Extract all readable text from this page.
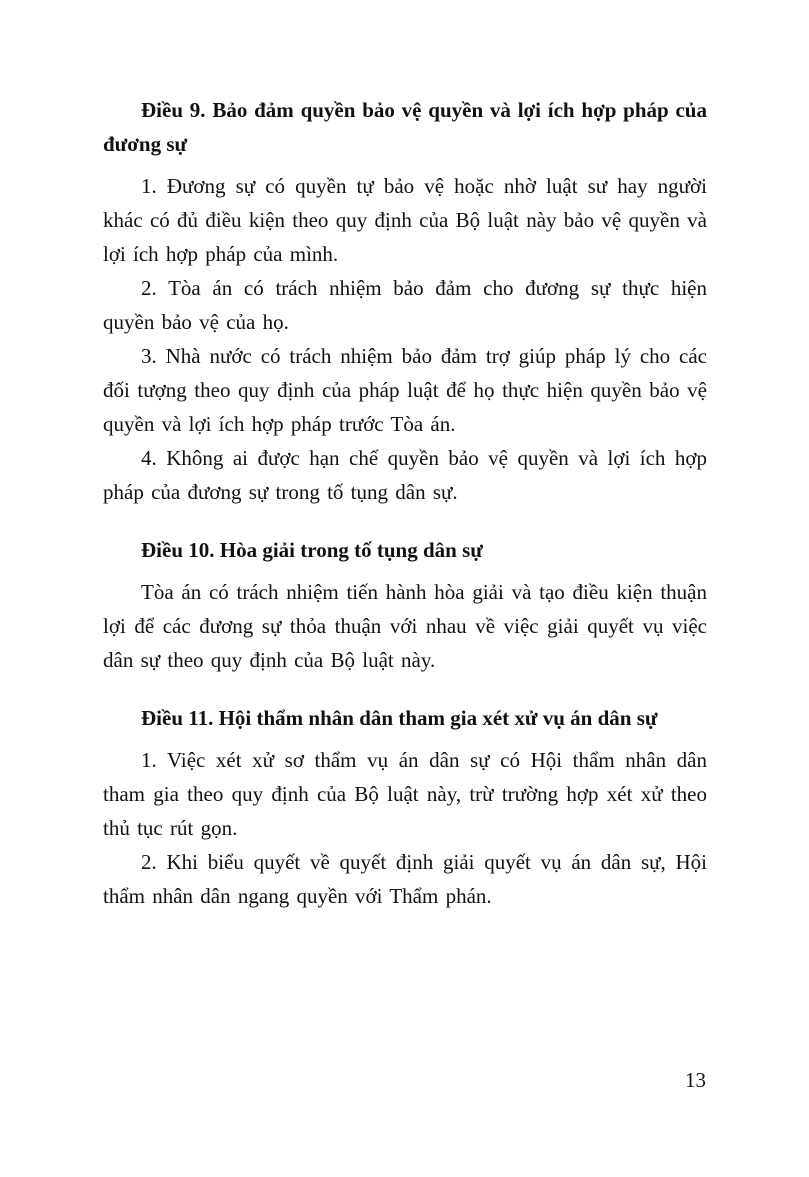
Điều 9. Bảo đảm quyền bảo vệ quyền và lợi ích hợp pháp của đương sự

1. Đương sự có quyền tự bảo vệ hoặc nhờ luật sư hay người khác có đủ điều kiện theo quy định của Bộ luật này bảo vệ quyền và lợi ích hợp pháp của mình.

2. Tòa án có trách nhiệm bảo đảm cho đương sự thực hiện quyền bảo vệ của họ.

3. Nhà nước có trách nhiệm bảo đảm trợ giúp pháp lý cho các đối tượng theo quy định của pháp luật để họ thực hiện quyền bảo vệ quyền và lợi ích hợp pháp trước Tòa án.

4. Không ai được hạn chế quyền bảo vệ quyền và lợi ích hợp pháp của đương sự trong tố tụng dân sự.

Điều 10. Hòa giải trong tố tụng dân sự

Tòa án có trách nhiệm tiến hành hòa giải và tạo điều kiện thuận lợi để các đương sự thỏa thuận với nhau về việc giải quyết vụ việc dân sự theo quy định của Bộ luật này.

Điều 11. Hội thẩm nhân dân tham gia xét xử vụ án dân sự

1. Việc xét xử sơ thẩm vụ án dân sự có Hội thẩm nhân dân tham gia theo quy định của Bộ luật này, trừ trường hợp xét xử theo thủ tục rút gọn.

2. Khi biểu quyết về quyết định giải quyết vụ án dân sự, Hội thẩm nhân dân ngang quyền với Thẩm phán.

13
